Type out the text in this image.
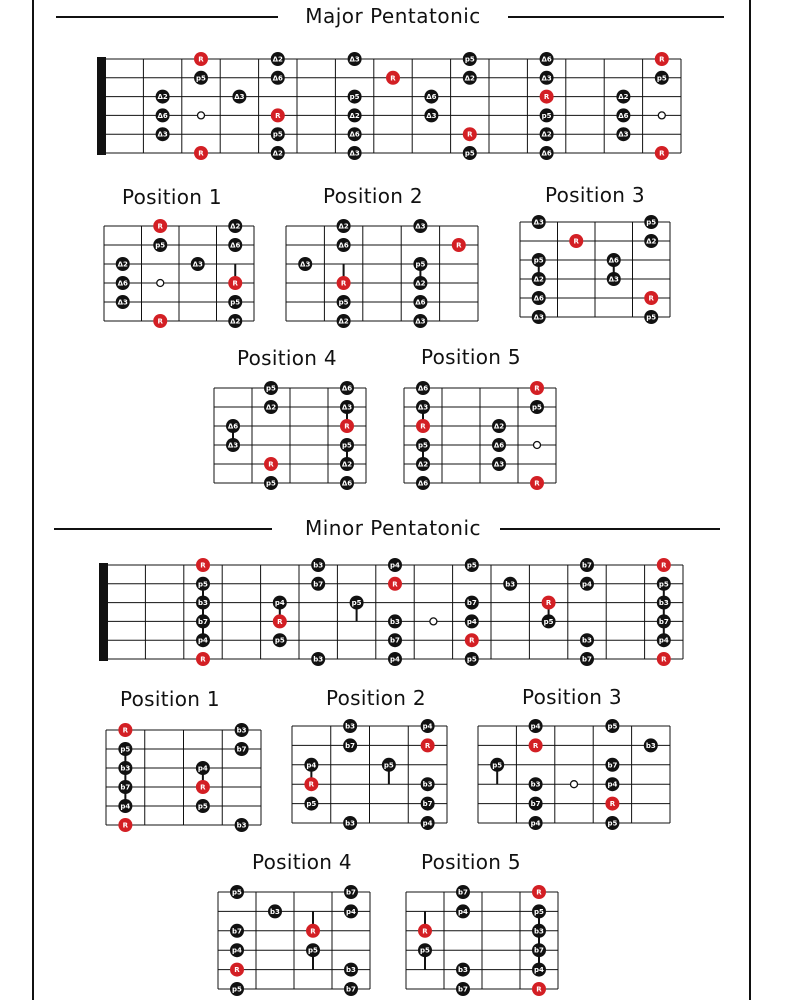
Major Pentatonic
Minor Pentatonic
Position 1	Position 2	Position 3
Position 4	Position 5
Position 1	Position 2	Position 3
Position 4	Position 5
R
p5
Δ2
Δ6
Δ3
R
Δ3
Δ2
Δ6
R
p5
Δ2
Δ3
p5
Δ2
Δ6
Δ3
R
Δ6
Δ3
p5
Δ2
R
p5
Δ6
Δ3
R
p5
Δ2
Δ6
Δ2
Δ6
Δ3
R
p5
R
R
p5
Δ2
Δ6
Δ3
R
Δ3
Δ2
Δ6
R
p5
Δ2
Δ2
Δ6
Δ3
R
p5
Δ2
Δ3
R
p5
Δ2
Δ6
Δ3
Δ3
R
p5
Δ2
Δ6
Δ3
p5
Δ2
Δ6
Δ3
R
p5
p5
Δ2
Δ6
Δ3
R
p5
Δ6
Δ3
R
p5
Δ2
Δ6
Δ6
Δ3
R
p5
Δ2
Δ6
Δ2
Δ6
Δ3
R
p5
R
R
p5
b3
b7
p4
R
p4
R
p5
b3
b7
b3
p5
p4
R
b3
b7
p4
p5
b7
p4
R
p5
b3
R
p5
b7
p4
b3
b7
R
p5
b3
b7
p4
R
R
p5
b3
b7
p4
R
p4
R
p5
b3
b7
b3
b3
b7
p4
R
p5
b3
p5
p4
R
b3
b7
p4
p4
R
p5
b3
b7
p4
p5
b3
b7
p4
R
p5
p5
b3
b7
p4
R
p5
R
p5
b7
p4
b3
b7
b7
p4
R
p5
b3
b7
R
p5
b3
b7
p4
R
